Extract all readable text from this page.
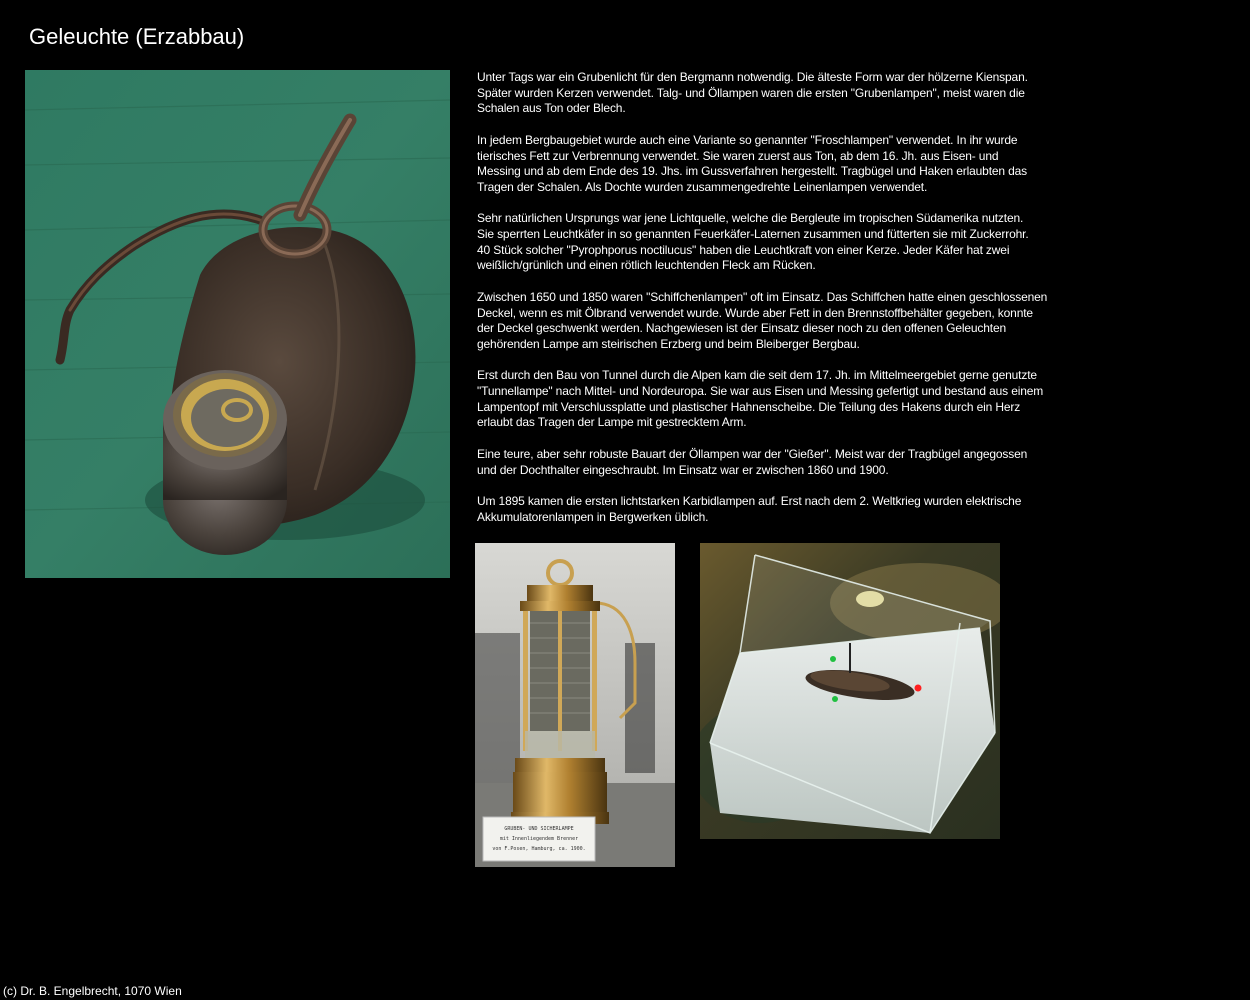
Geleuchte (Erzabbau)

Unter Tags war ein Grubenlicht für den Bergmann notwendig. Die älteste Form war der hölzerne Kienspan.
Später wurden Kerzen verwendet. Talg- und Öllampen waren die ersten "Grubenlampen", meist waren die
Schalen aus Ton oder Blech.

In jedem Bergbaugebiet wurde auch eine Variante so genannter "Froschlampen" verwendet. In ihr wurde
tierisches Fett zur Verbrennung verwendet. Sie waren zuerst aus Ton, ab dem 16. Jh. aus Eisen- und
Messing und ab dem Ende des 19. Jhs. im Gussverfahren hergestellt. Tragbügel und Haken erlaubten das
Tragen der Schalen. Als Dochte wurden zusammengedrehte Leinenlampen verwendet.

Sehr natürlichen Ursprungs war jene Lichtquelle, welche die Bergleute im tropischen Südamerika nutzten.
Sie sperrten Leuchtkäfer in so genannten Feuerkäfer-Laternen zusammen und fütterten sie mit Zuckerrohr.
40 Stück solcher "Pyrophporus noctilucus" haben die Leuchtkraft von einer Kerze. Jeder Käfer hat zwei
weißlich/grünlich und einen rötlich leuchtenden Fleck am Rücken.

Zwischen 1650 und 1850 waren "Schiffchenlampen" oft im Einsatz. Das Schiffchen hatte einen geschlossenen
Deckel, wenn es mit Ölbrand verwendet wurde. Wurde aber Fett in den Brennstoffbehälter gegeben, konnte
der Deckel geschwenkt werden. Nachgewiesen ist der Einsatz dieser noch zu den offenen Geleuchten
gehörenden Lampe am steirischen Erzberg und beim Bleiberger Bergbau.

Erst durch den Bau von Tunnel durch die Alpen kam die seit dem 17. Jh. im Mittelmeergebiet gerne genutzte
"Tunnellampe" nach Mittel- und Nordeuropa. Sie war aus Eisen und Messing gefertigt und bestand aus einem
Lampentopf mit Verschlussplatte und plastischer Hahnenscheibe. Die Teilung des Hakens durch ein Herz
erlaubt das Tragen der Lampe mit gestrecktem Arm.

Eine teure, aber sehr robuste Bauart der Öllampen war der "Gießer". Meist war der Tragbügel angegossen
und der Dochthalter eingeschraubt. Im Einsatz war er zwischen 1860 und 1900.

Um 1895 kamen die ersten lichtstarken Karbidlampen auf. Erst nach dem 2. Weltkrieg wurden elektrische
Akkumulatorenlampen in Bergwerken üblich.

GRUBEN- UND SICHERLAMPE
mit Innenliegendem Brenner
von F.Posen, Hamburg, ca. 1900.
(c) Dr. B. Engelbrecht, 1070 Wien
